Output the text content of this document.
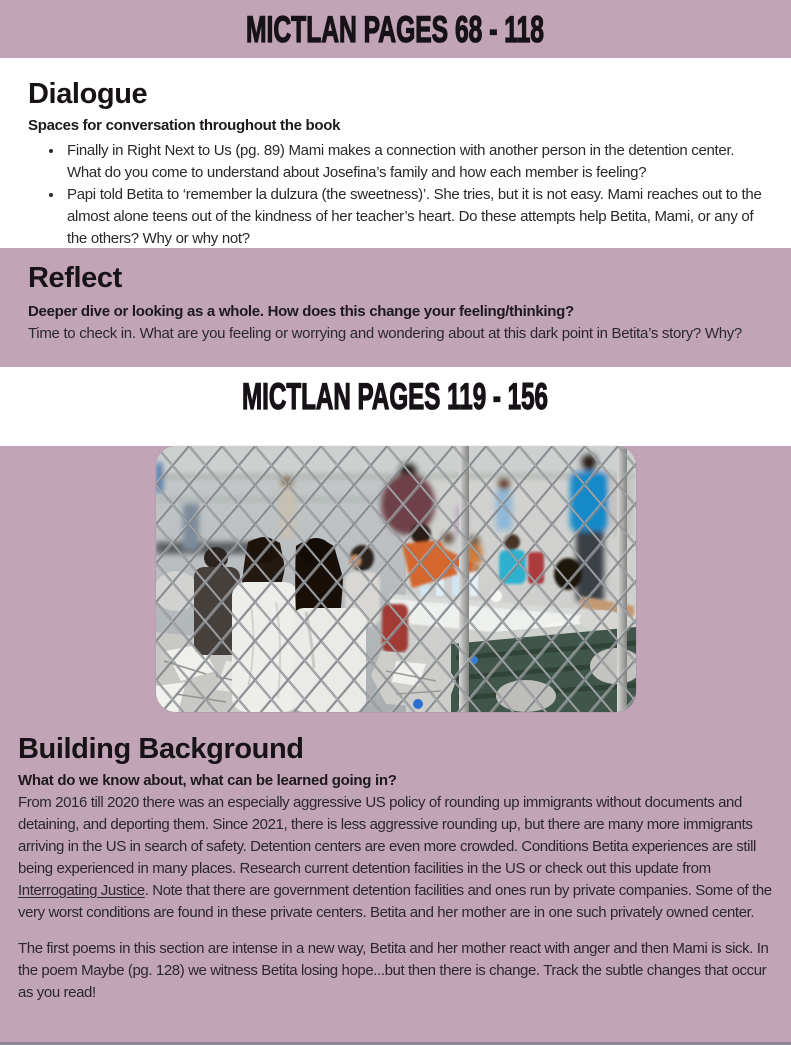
MICTLAN PAGES 68 - 118
Dialogue

Spaces for conversation throughout the book

• Finally in Right Next to Us (pg. 89) Mami makes a connection with another person in the detention center. What do you come to understand about Josefina’s family and how each member is feeling?
• Papi told Betita to ‘remember la dulzura (the sweetness)’. She tries, but it is not easy. Mami reaches out to the almost alone teens out of the kindness of her teacher’s heart. Do these attempts help Betita, Mami, or any of the others? Why or why not?
Reflect

Deeper dive or looking as a whole. How does this change your feeling/thinking?

Time to check in. What are you feeling or worrying and wondering about at this dark point in Betita’s story? Why?

MICTLAN PAGES 119 - 156
Building Background

What do we know about, what can be learned going in?

From 2016 till 2020 there was an especially aggressive US policy of rounding up immigrants without documents and detaining, and deporting them. Since 2021, there is less aggressive rounding up, but there are many more immigrants arriving in the US in search of safety. Detention centers are even more crowded. Conditions Betita experiences are still being experienced in many places. Research current detention facilities in the US or check out this update from Interrogating Justice. Note that there are government detention facilities and ones run by private companies. Some of the very worst conditions are found in these private centers. Betita and her mother are in one such privately owned center.

The first poems in this section are intense in a new way, Betita and her mother react with anger and then Mami is sick. In the poem Maybe (pg. 128) we witness Betita losing hope...but then there is change. Track the subtle changes that occur as you read!
